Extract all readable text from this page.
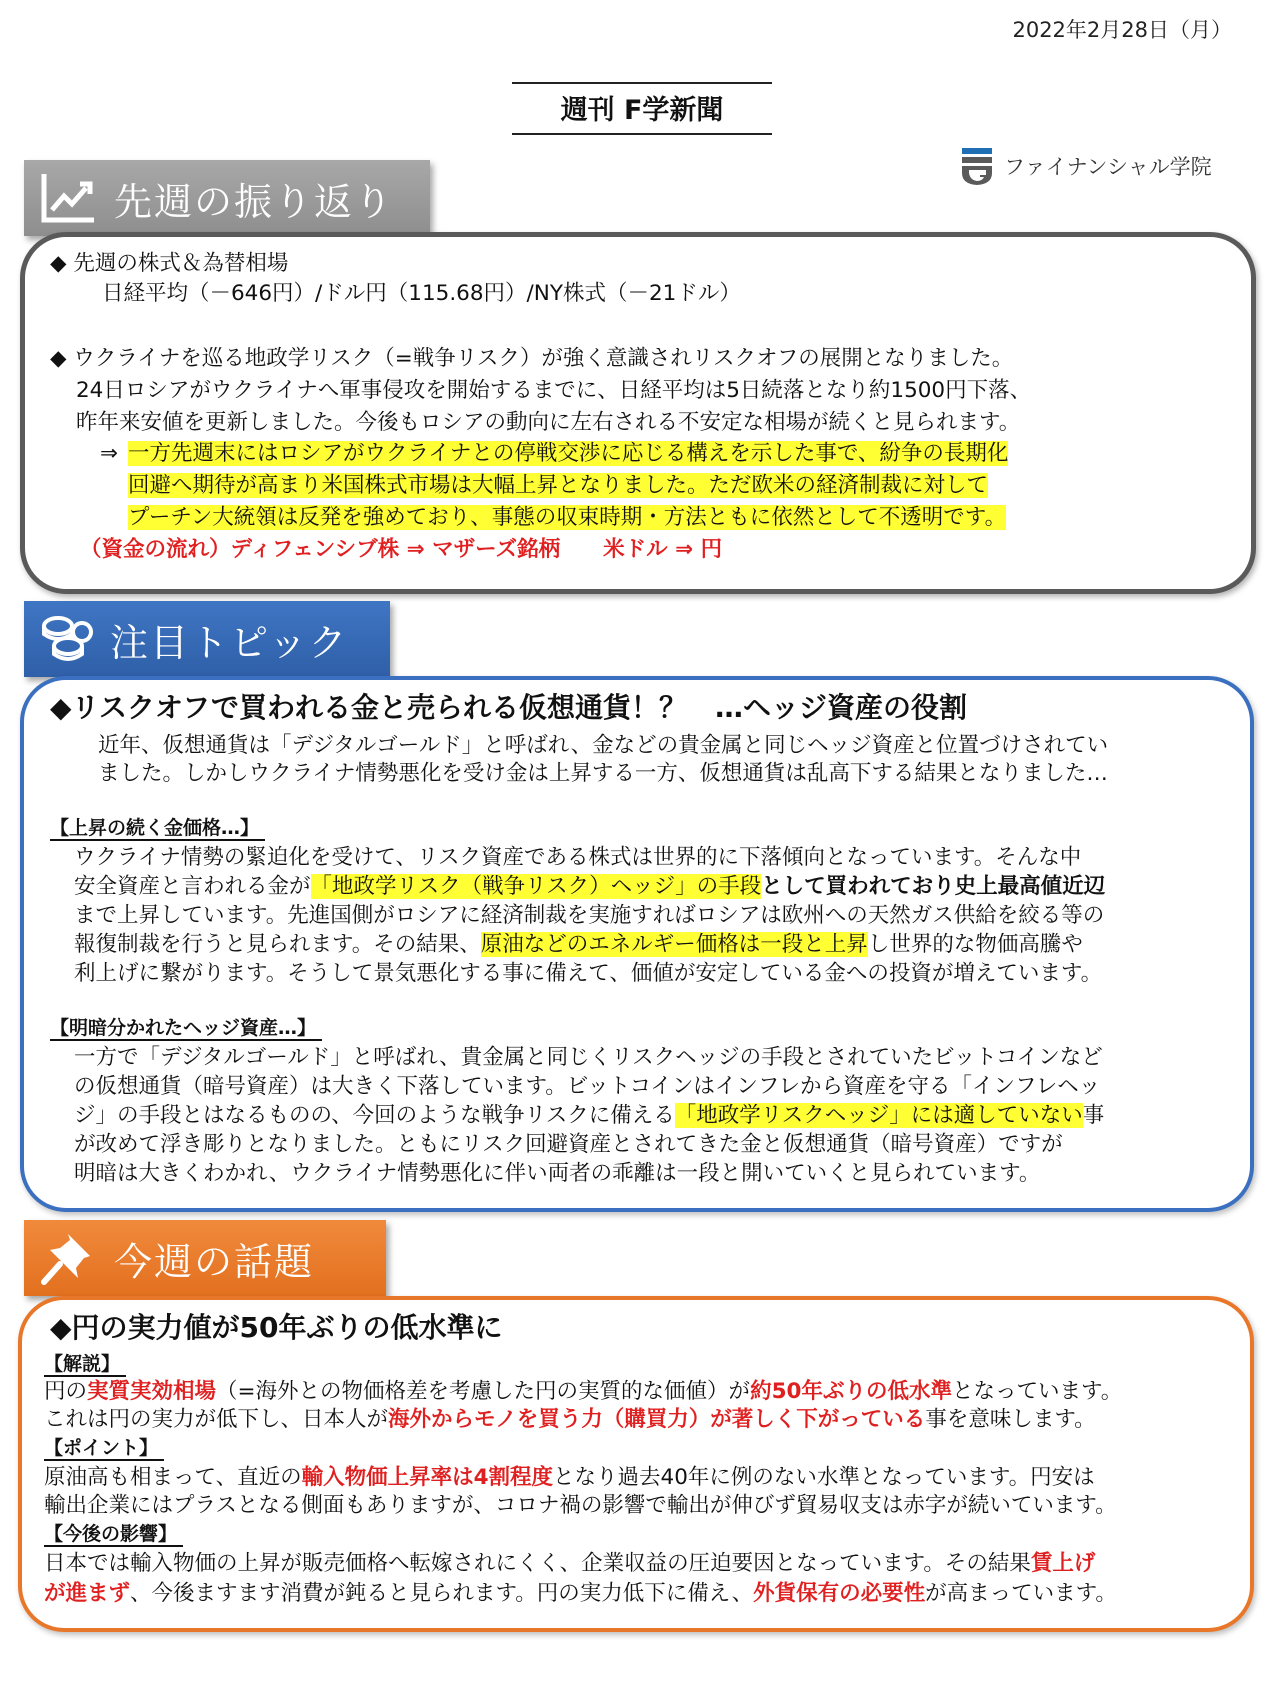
2022年2月28日（月）
週刊 F学新聞
ファイナンシャル学院
先週の振り返り
◆ 先週の株式＆為替相場
日経平均（－646円）/ドル円（115.68円）/NY株式（－21ドル）
◆ ウクライナを巡る地政学リスク（=戦争リスク）が強く意識されリスクオフの展開となりました。
24日ロシアがウクライナへ軍事侵攻を開始するまでに、日経平均は5日続落となり約1500円下落、
昨年来安値を更新しました。今後もロシアの動向に左右される不安定な相場が続くと見られます。
⇒ 一方先週末にはロシアがウクライナとの停戦交渉に応じる構えを示した事で、紛争の長期化
回避へ期待が高まり米国株式市場は大幅上昇となりました。ただ欧米の経済制裁に対して
プーチン大統領は反発を強めており、事態の収束時期・方法ともに依然として不透明です。
（資金の流れ）ディフェンシブ株 ⇒ マザーズ銘柄　　米ドル ⇒ 円
注目トピック
◆リスクオフで買われる金と売られる仮想通貨！？　…ヘッジ資産の役割
近年、仮想通貨は「デジタルゴールド」と呼ばれ、金などの貴金属と同じヘッジ資産と位置づけされてい
ました。しかしウクライナ情勢悪化を受け金は上昇する一方、仮想通貨は乱高下する結果となりました…
【上昇の続く金価格…】
ウクライナ情勢の緊迫化を受けて、リスク資産である株式は世界的に下落傾向となっています。そんな中
安全資産と言われる金が「地政学リスク（戦争リスク）ヘッジ」の手段として買われており史上最高値近辺
まで上昇しています。先進国側がロシアに経済制裁を実施すればロシアは欧州への天然ガス供給を絞る等の
報復制裁を行うと見られます。その結果、原油などのエネルギー価格は一段と上昇し世界的な物価高騰や
利上げに繋がります。そうして景気悪化する事に備えて、価値が安定している金への投資が増えています。
【明暗分かれたヘッジ資産…】
一方で「デジタルゴールド」と呼ばれ、貴金属と同じくリスクヘッジの手段とされていたビットコインなど
の仮想通貨（暗号資産）は大きく下落しています。ビットコインはインフレから資産を守る「インフレヘッ
ジ」の手段とはなるものの、今回のような戦争リスクに備える「地政学リスクヘッジ」には適していない事
が改めて浮き彫りとなりました。ともにリスク回避資産とされてきた金と仮想通貨（暗号資産）ですが
明暗は大きくわかれ、ウクライナ情勢悪化に伴い両者の乖離は一段と開いていくと見られています。
今週の話題
◆円の実力値が50年ぶりの低水準に
【解説】
円の実質実効相場（=海外との物価格差を考慮した円の実質的な価値）が約50年ぶりの低水準となっています。
これは円の実力が低下し、日本人が海外からモノを買う力（購買力）が著しく下がっている事を意味します。
【ポイント】
原油高も相まって、直近の輸入物価上昇率は4割程度となり過去40年に例のない水準となっています。円安は
輸出企業にはプラスとなる側面もありますが、コロナ禍の影響で輸出が伸びず貿易収支は赤字が続いています。
【今後の影響】
日本では輸入物価の上昇が販売価格へ転嫁されにくく、企業収益の圧迫要因となっています。その結果賃上げ
が進まず、今後ますます消費が鈍ると見られます。円の実力低下に備え、外貨保有の必要性が高まっています。
